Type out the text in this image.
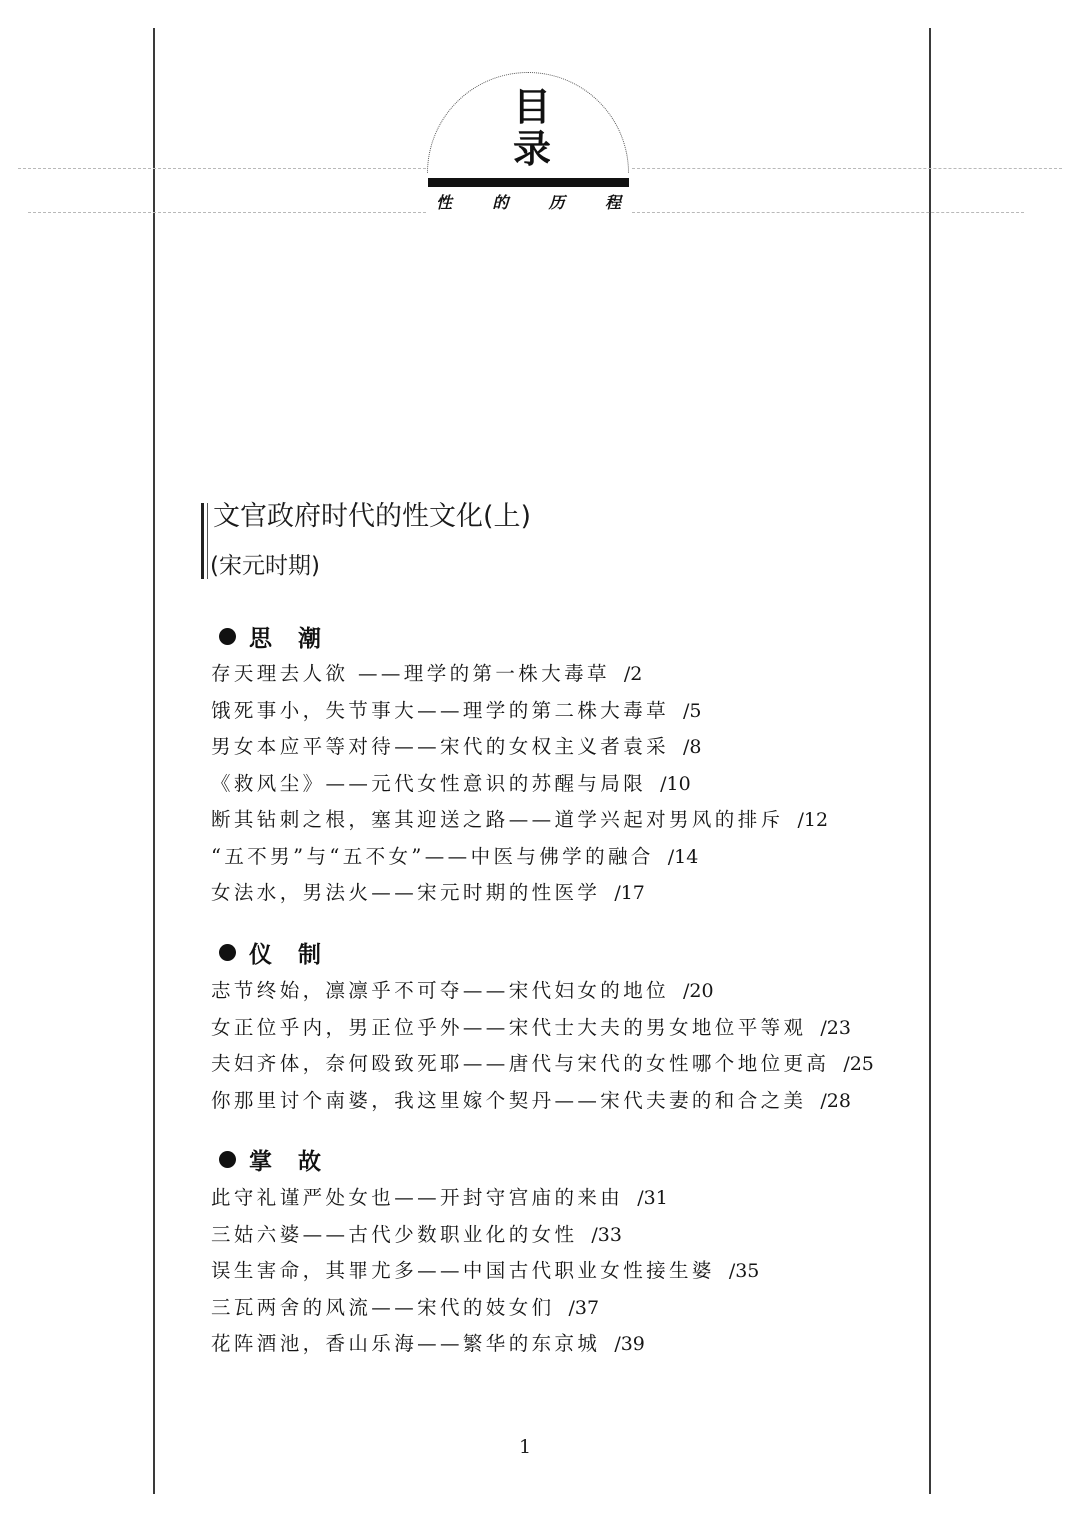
目
录
性	的	历	程
文官政府时代的性文化(上)
(宋元时期)
思 潮
存天理去人欲 ——理学的第一株大毒草 /2
饿死事小，失节事大——理学的第二株大毒草 /5
男女本应平等对待——宋代的女权主义者袁采 /8
《救风尘》——元代女性意识的苏醒与局限 /10
断其钻刺之根，塞其迎送之路——道学兴起对男风的排斥 /12
“五不男”与“五不女”——中医与佛学的融合 /14
女法水，男法火——宋元时期的性医学 /17
仪 制
志节终始，凛凛乎不可夺——宋代妇女的地位 /20
女正位乎内，男正位乎外——宋代士大夫的男女地位平等观 /23
夫妇齐体，奈何殴致死耶——唐代与宋代的女性哪个地位更高 /25
你那里讨个南婆，我这里嫁个契丹——宋代夫妻的和合之美 /28
掌 故
此守礼谨严处女也——开封守宫庙的来由 /31
三姑六婆——古代少数职业化的女性 /33
误生害命，其罪尤多——中国古代职业女性接生婆 /35
三瓦两舍的风流——宋代的妓女们 /37
花阵酒池，香山乐海——繁华的东京城 /39
1
